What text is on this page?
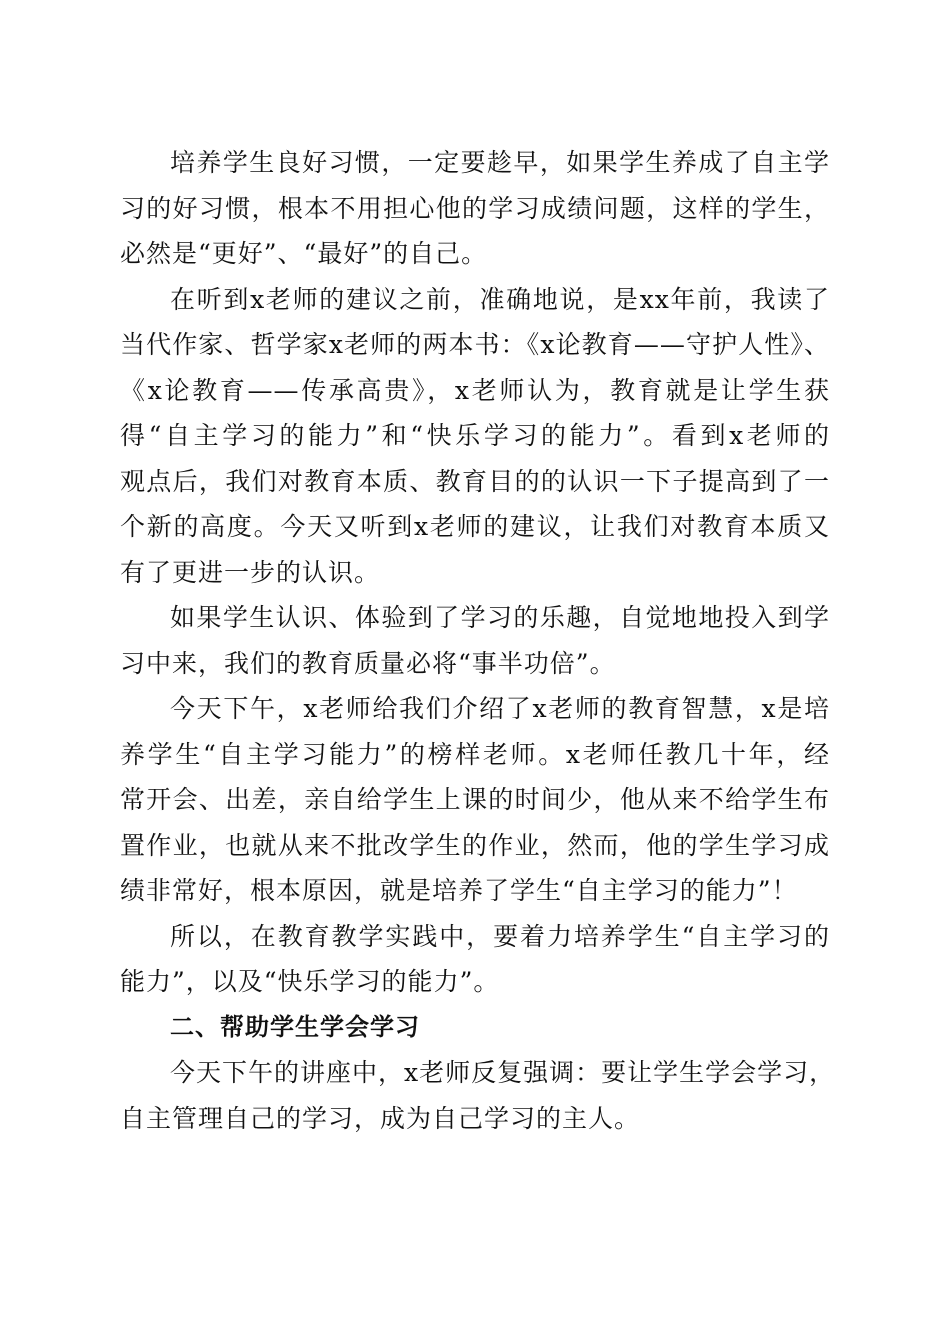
培养学生良好习惯，一定要趁早，如果学生养成了自主学
习的好习惯，根本不用担心他的学习成绩问题，这样的学生，
必然是“更好”、“最好”的自己。
在听到x老师的建议之前，准确地说，是xx年前，我读了
当代作家、哲学家x老师的两本书：《x论教育——守护人性》、
《x论教育——传承高贵》，x老师认为，教育就是让学生获
得“自主学习的能力”和“快乐学习的能力”。看到x老师的
观点后，我们对教育本质、教育目的的认识一下子提高到了一
个新的高度。今天又听到x老师的建议，让我们对教育本质又
有了更进一步的认识。
如果学生认识、体验到了学习的乐趣，自觉地地投入到学
习中来，我们的教育质量必将“事半功倍”。
今天下午，x老师给我们介绍了x老师的教育智慧，x是培
养学生“自主学习能力”的榜样老师。x老师任教几十年，经
常开会、出差，亲自给学生上课的时间少，他从来不给学生布
置作业，也就从来不批改学生的作业，然而，他的学生学习成
绩非常好，根本原因，就是培养了学生“自主学习的能力”！
所以，在教育教学实践中，要着力培养学生“自主学习的
能力”，以及“快乐学习的能力”。
二、帮助学生学会学习
今天下午的讲座中，x老师反复强调：要让学生学会学习，
自主管理自己的学习，成为自己学习的主人。
